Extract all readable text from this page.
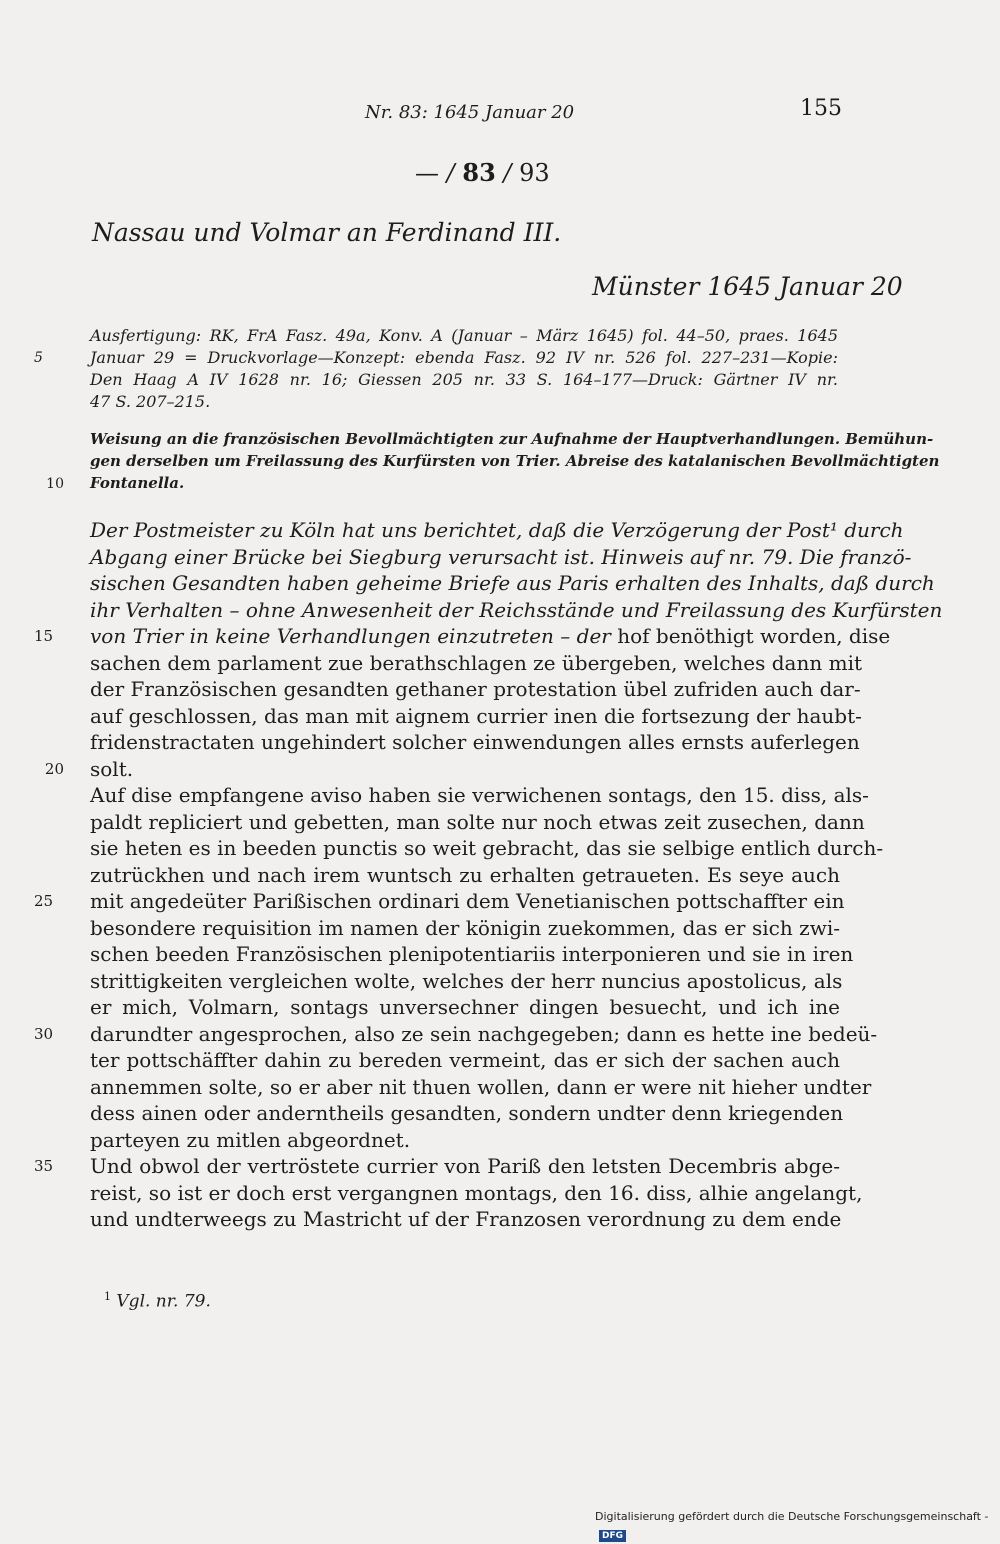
Nr. 83: 1645 Januar 20	155
— / 83 / 93
Nassau und Volmar an Ferdinand III.
Münster 1645 Januar 20
Ausfertigung: RK, FrA Fasz. 49a, Konv. A (Januar – März 1645) fol. 44–50, praes. 1645
5	Januar 29 = Druckvorlage—Konzept: ebenda Fasz. 92 IV nr. 526 fol. 227–231—Kopie:
Den Haag A IV 1628 nr. 16; Giessen 205 nr. 33 S. 164–177—Druck: Gärtner IV nr.
47 S. 207–215.
Weisung an die französischen Bevollmächtigten zur Aufnahme der Hauptverhandlungen. Bemühun-
gen derselben um Freilassung des Kurfürsten von Trier. Abreise des katalanischen Bevollmächtigten
10 Fontanella.
Der Postmeister zu Köln hat uns berichtet, daß die Verzögerung der Post¹ durch
Abgang einer Brücke bei Siegburg verursacht ist. Hinweis auf nr. 79. Die franzö-
sischen Gesandten haben geheime Briefe aus Paris erhalten des Inhalts, daß durch
ihr Verhalten – ohne Anwesenheit der Reichsstände und Freilassung des Kurfürsten
15	von Trier in keine Verhandlungen einzutreten – der hof benöthigt worden, dise
sachen dem parlament zue berathschlagen ze übergeben, welches dann mit
der Französischen gesandten gethaner protestation übel zufriden auch dar-
auf geschlossen, das man mit aignem currier inen die fortsezung der haubt-
fridenstractaten ungehindert solcher einwendungen alles ernsts auferlegen
20 solt.
Auf dise empfangene aviso haben sie verwichenen sontags, den 15. diss, als-
paldt repliciert und gebetten, man solte nur noch etwas zeit zusechen, dann
sie heten es in beeden punctis so weit gebracht, das sie selbige entlich durch-
zutrückhen und nach irem wuntsch zu erhalten getraueten. Es seye auch
25	mit angedeüter Parißischen ordinari dem Venetianischen pottschaffter ein
besondere requisition im namen der königin zuekommen, das er sich zwi-
schen beeden Französischen plenipotentiariis interponieren und sie in iren
strittigkeiten vergleichen wolte, welches der herr nuncius apostolicus, als
er mich, Volmarn, sontags unversechner dingen besuecht, und ich ine
30	darundter angesprochen, also ze sein nachgegeben; dann es hette ine bedeü-
ter pottschäffter dahin zu bereden vermeint, das er sich der sachen auch
annemmen solte, so er aber nit thuen wollen, dann er were nit hieher undter
dess ainen oder anderntheils gesandten, sondern undter denn kriegenden
parteyen zu mitlen abgeordnet.
35	Und obwol der vertröstete currier von Pariß den letsten Decembris abge-
reist, so ist er doch erst vergangnen montags, den 16. diss, alhie angelangt,
und undterweegs zu Mastricht uf der Franzosen verordnung zu dem ende
$^1$ Vgl. nr. 79.
Digitalisierung gefördert durch die Deutsche Forschungsgemeinschaft - DFG
